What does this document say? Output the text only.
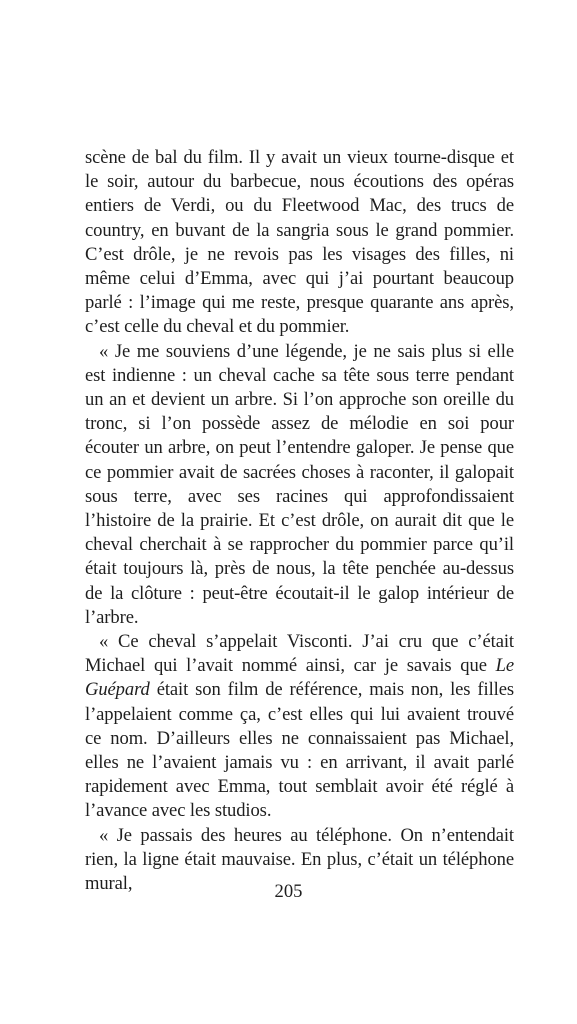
scène de bal du film. Il y avait un vieux tourne-disque et le soir, autour du barbecue, nous écoutions des opéras entiers de Verdi, ou du Fleetwood Mac, des trucs de country, en buvant de la sangria sous le grand pommier. C’est drôle, je ne revois pas les visages des filles, ni même celui d’Emma, avec qui j’ai pourtant beaucoup parlé : l’image qui me reste, presque quarante ans après, c’est celle du cheval et du pommier.

« Je me souviens d’une légende, je ne sais plus si elle est indienne : un cheval cache sa tête sous terre pendant un an et devient un arbre. Si l’on approche son oreille du tronc, si l’on possède assez de mélodie en soi pour écouter un arbre, on peut l’entendre galoper. Je pense que ce pommier avait de sacrées choses à raconter, il galopait sous terre, avec ses racines qui approfondissaient l’histoire de la prairie. Et c’est drôle, on aurait dit que le cheval cherchait à se rapprocher du pommier parce qu’il était toujours là, près de nous, la tête penchée au-dessus de la clôture : peut-être écoutait-il le galop intérieur de l’arbre.

« Ce cheval s’appelait Visconti. J’ai cru que c’était Michael qui l’avait nommé ainsi, car je savais que Le Guépard était son film de référence, mais non, les filles l’appelaient comme ça, c’est elles qui lui avaient trouvé ce nom. D’ailleurs elles ne connaissaient pas Michael, elles ne l’avaient jamais vu : en arrivant, il avait parlé rapidement avec Emma, tout semblait avoir été réglé à l’avance avec les studios.

« Je passais des heures au téléphone. On n’entendait rien, la ligne était mauvaise. En plus, c’était un téléphone mural,	205
